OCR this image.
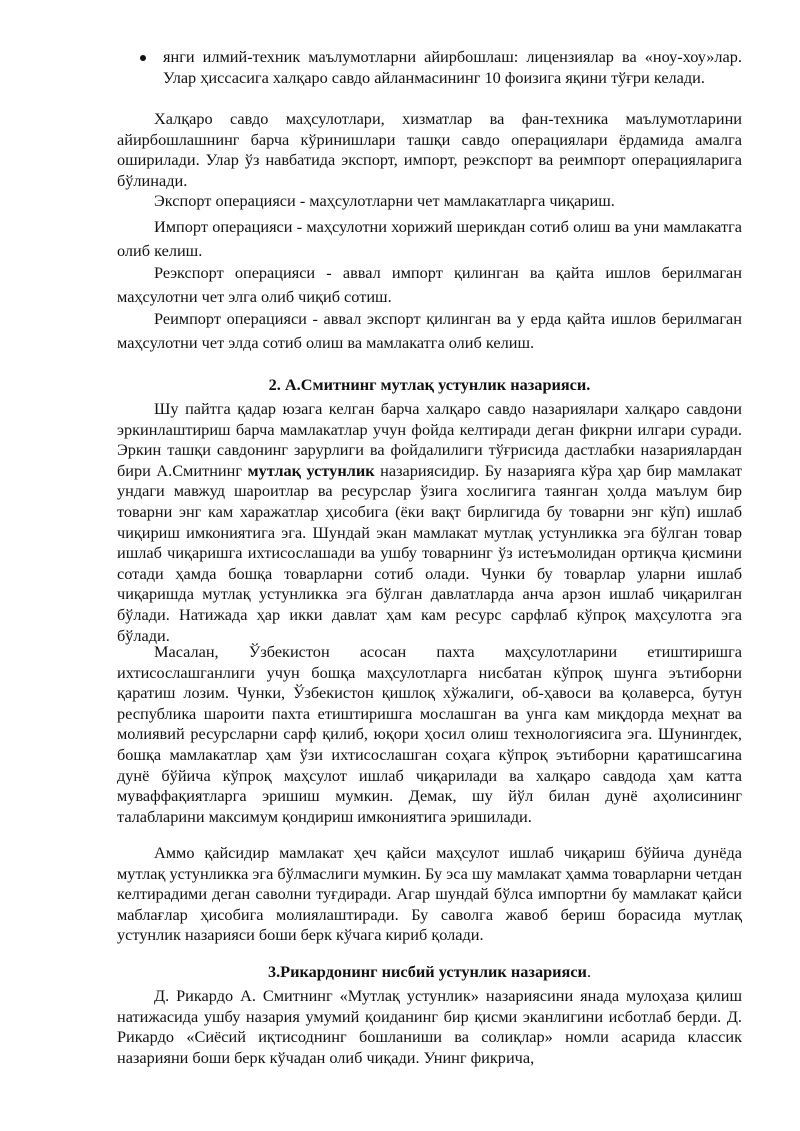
янги илмий-техник маълумотларни айирбошлаш: лицензиялар ва «ноу-хоу»лар. Улар ҳиссасига халқаро савдо айланмасининг 10 фоизига яқини тўғри келади.

Халқаро савдо маҳсулотлари, хизматлар ва фан-техника маълумотларини айирбошлашнинг барча кўринишлари ташқи савдо операциялари ёрдамида амалга оширилади. Улар ўз навбатида экспорт, импорт, реэкспорт ва реимпорт операцияларига бўлинади.

Экспорт операцияси - маҳсулотларни чет мамлакатларга чиқариш.

Импорт операцияси - маҳсулотни хорижий шерикдан сотиб олиш ва уни мамлакатга олиб келиш.

Реэкспорт операцияси - аввал импорт қилинган ва қайта ишлов берилмаган маҳсулотни чет элга олиб чиқиб сотиш.

Реимпорт операцияси - аввал экспорт қилинган ва у ерда қайта ишлов берилмаган маҳсулотни чет элда сотиб олиш ва мамлакатга олиб келиш.

2. А.Смитнинг мутлақ устунлик назарияси.

Шу пайтга қадар юзага келган барча халқаро савдо назариялари халқаро савдони эркинлаштириш барча мамлакатлар учун фойда келтиради деган фикрни илгари суради. Эркин ташқи савдонинг зарурлиги ва фойдалилиги тўғрисида дастлабки назариялардан бири А.Смитнинг мутлақ устунлик назариясидир. Бу назарияга кўра ҳар бир мамлакат ундаги мавжуд шароитлар ва ресурслар ўзига хослигига таянган ҳолда маълум бир товарни энг кам харажатлар ҳисобига (ёки вақт бирлигида бу товарни энг кўп) ишлаб чиқириш имкониятига эга. Шундай экан мамлакат мутлақ устунликка эга бўлган товар ишлаб чиқаришга ихтисослашади ва ушбу товарнинг ўз истеъмолидан ортиқча қисмини сотади ҳамда бошқа товарларни сотиб олади. Чунки бу товарлар уларни ишлаб чиқаришда мутлақ устунликка эга бўлган давлатларда анча арзон ишлаб чиқарилган бўлади. Натижада ҳар икки давлат ҳам кам ресурс сарфлаб кўпроқ маҳсулотга эга бўлади.

Масалан, Ўзбекистон асосан пахта маҳсулотларини етиштиришга ихтисослашганлиги учун бошқа маҳсулотларга нисбатан кўпроқ шунга эътиборни қаратиш лозим. Чунки, Ўзбекистон қишлоқ хўжалиги, об-ҳавоси ва қолаверса, бутун республика шароити пахта етиштиришга мослашган ва унга кам миқдорда меҳнат ва молиявий ресурсларни сарф қилиб, юқори ҳосил олиш технологиясига эга. Шунингдек, бошқа мамлакатлар ҳам ўзи ихтисослашган соҳага кўпроқ эътиборни қаратишсагина дунё бўйича кўпроқ маҳсулот ишлаб чиқарилади ва халқаро савдода ҳам катта муваффақиятларга эришиш мумкин. Демак, шу йўл билан дунё аҳолисининг талабларини максимум қондириш имкониятига эришилади.

Аммо қайсидир мамлакат ҳеч қайси маҳсулот ишлаб чиқариш бўйича дунёда мутлақ устунликка эга бўлмаслиги мумкин. Бу эса шу мамлакат ҳамма товарларни четдан келтирадими деган саволни туғдиради. Агар шундай бўлса импортни бу мамлакат қайси маблағлар ҳисобига молиялаштиради. Бу саволга жавоб бериш борасида мутлақ устунлик назарияси боши берк кўчага кириб қолади.

3.Рикардонинг нисбий устунлик назарияси.

Д. Рикардо А. Смитнинг «Мутлақ устунлик» назариясини янада мулоҳаза қилиш натижасида ушбу назария умумий қоиданинг бир қисми эканлигини исботлаб берди. Д. Рикардо «Сиёсий иқтисоднинг бошланиши ва солиқлар» номли асарида классик назарияни боши берк кўчадан олиб чиқади. Унинг фикрича,
